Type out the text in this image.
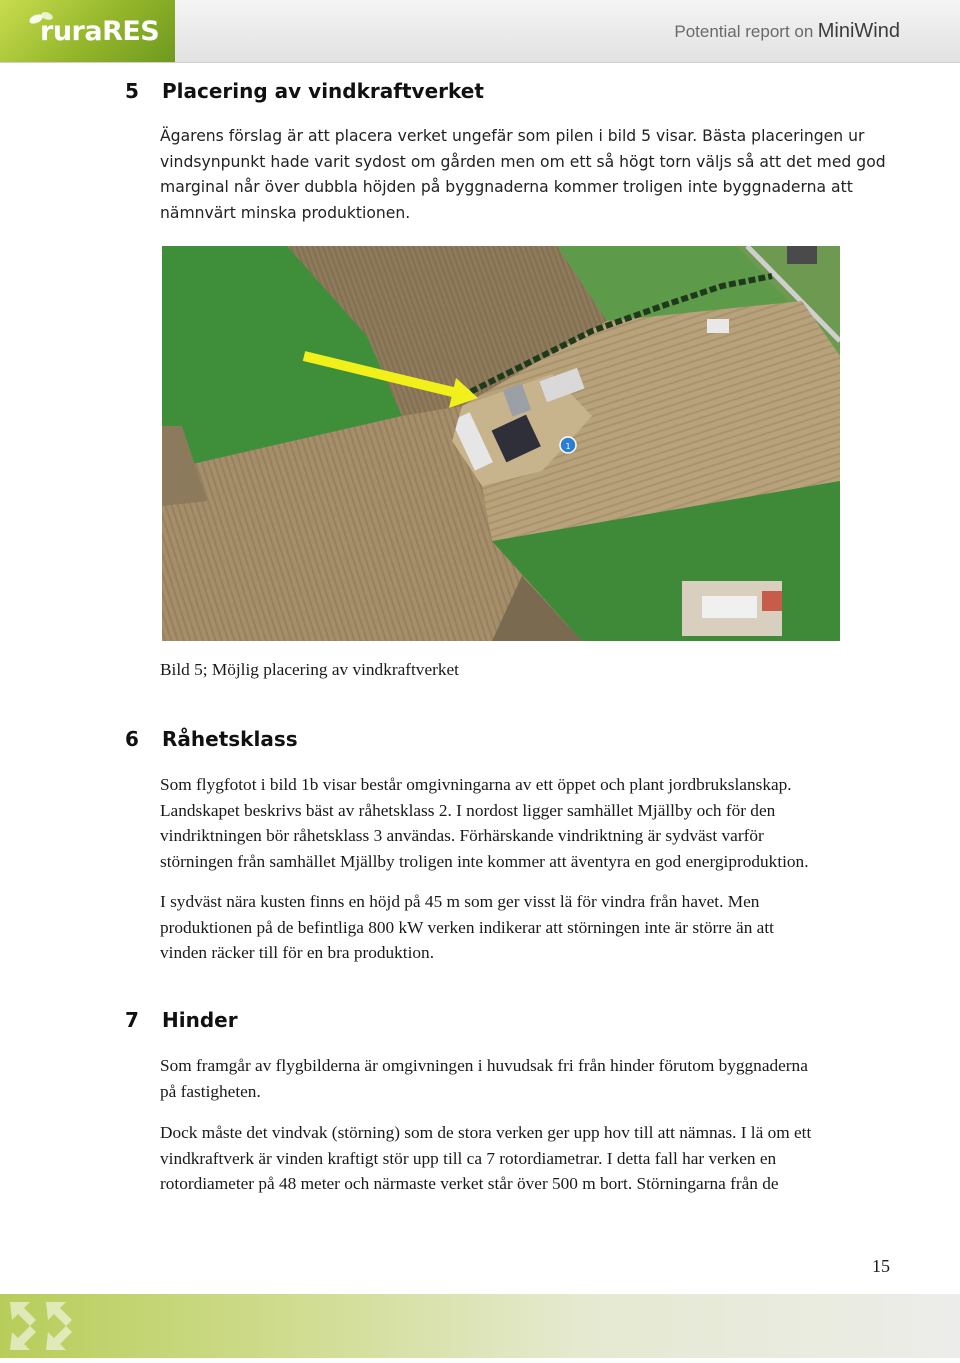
ruraRES	Potential report on MiniWind
5 Placering av vindkraftverket
Ägarens förslag är att placera verket ungefär som pilen i bild 5 visar. Bästa placeringen ur
vindsynpunkt hade varit sydost om gården men om ett så högt torn väljs så att det med god
marginal når över dubbla höjden på byggnaderna kommer troligen inte byggnaderna att
nämnvärt minska produktionen.
1
Bild 5; Möjlig placering av vindkraftverket
6 Råhetsklass
Som flygfotot i bild 1b visar består omgivningarna av ett öppet och plant jordbrukslanskap.
Landskapet beskrivs bäst av råhetsklass 2. I nordost ligger samhället Mjällby och för den
vindriktningen bör råhetsklass 3 användas. Förhärskande vindriktning är sydväst varför
störningen från samhället Mjällby troligen inte kommer att äventyra en god energiproduktion.
I sydväst nära kusten finns en höjd på 45 m som ger visst lä för vindra från havet. Men
produktionen på de befintliga 800 kW verken indikerar att störningen inte är större än att
vinden räcker till för en bra produktion.
7 Hinder
Som framgår av flygbilderna är omgivningen i huvudsak fri från hinder förutom byggnaderna
på fastigheten.
Dock måste det vindvak (störning) som de stora verken ger upp hov till att nämnas. I lä om ett
vindkraftverk är vinden kraftigt stör upp till ca 7 rotordiametrar. I detta fall har verken en
rotordiameter på 48 meter och närmaste verket står över 500 m bort. Störningarna från de
15
